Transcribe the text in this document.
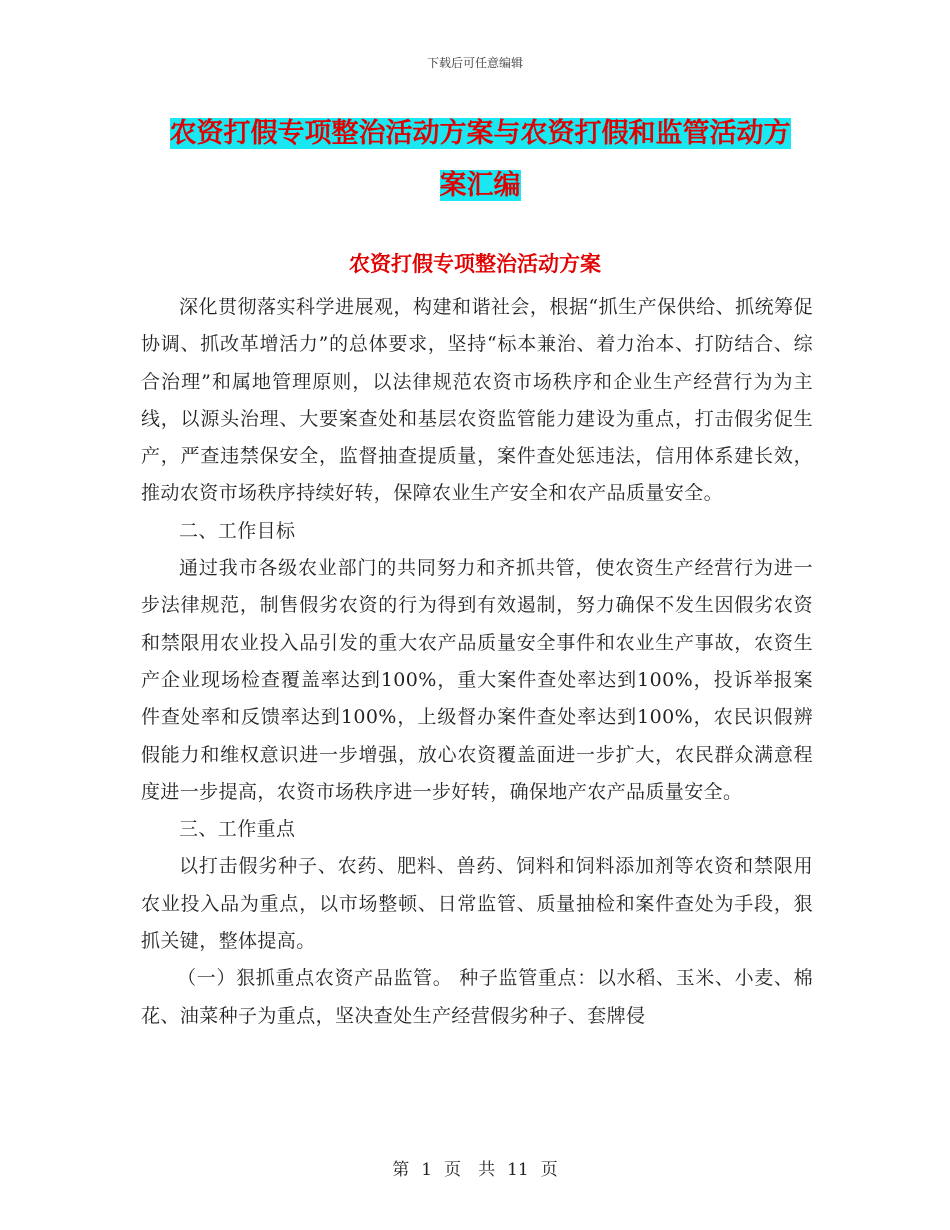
下载后可任意编辑
农资打假专项整治活动方案与农资打假和监管活动方
案汇编
农资打假专项整治活动方案

深化贯彻落实科学进展观，构建和谐社会，根据“抓生产保供给、抓统筹促协调、抓改革增活力”的总体要求，坚持“标本兼治、着力治本、打防结合、综合治理”和属地管理原则，以法律规范农资市场秩序和企业生产经营行为为主线，以源头治理、大要案查处和基层农资监管能力建设为重点，打击假劣促生产，严查违禁保安全，监督抽查提质量，案件查处惩违法，信用体系建长效，推动农资市场秩序持续好转，保障农业生产安全和农产品质量安全。

二、工作目标

通过我市各级农业部门的共同努力和齐抓共管，使农资生产经营行为进一步法律规范，制售假劣农资的行为得到有效遏制，努力确保不发生因假劣农资和禁限用农业投入品引发的重大农产品质量安全事件和农业生产事故，农资生产企业现场检查覆盖率达到100%，重大案件查处率达到100%，投诉举报案件查处率和反馈率达到100%，上级督办案件查处率达到100%，农民识假辨假能力和维权意识进一步增强，放心农资覆盖面进一步扩大，农民群众满意程度进一步提高，农资市场秩序进一步好转，确保地产农产品质量安全。

三、工作重点

以打击假劣种子、农药、肥料、兽药、饲料和饲料添加剂等农资和禁限用农业投入品为重点，以市场整顿、日常监管、质量抽检和案件查处为手段，狠抓关键，整体提高。

（一）狠抓重点农资产品监管。 种子监管重点：以水稻、玉米、小麦、棉花、油菜种子为重点，坚决查处生产经营假劣种子、套牌侵

第 1 页　共 11 页
